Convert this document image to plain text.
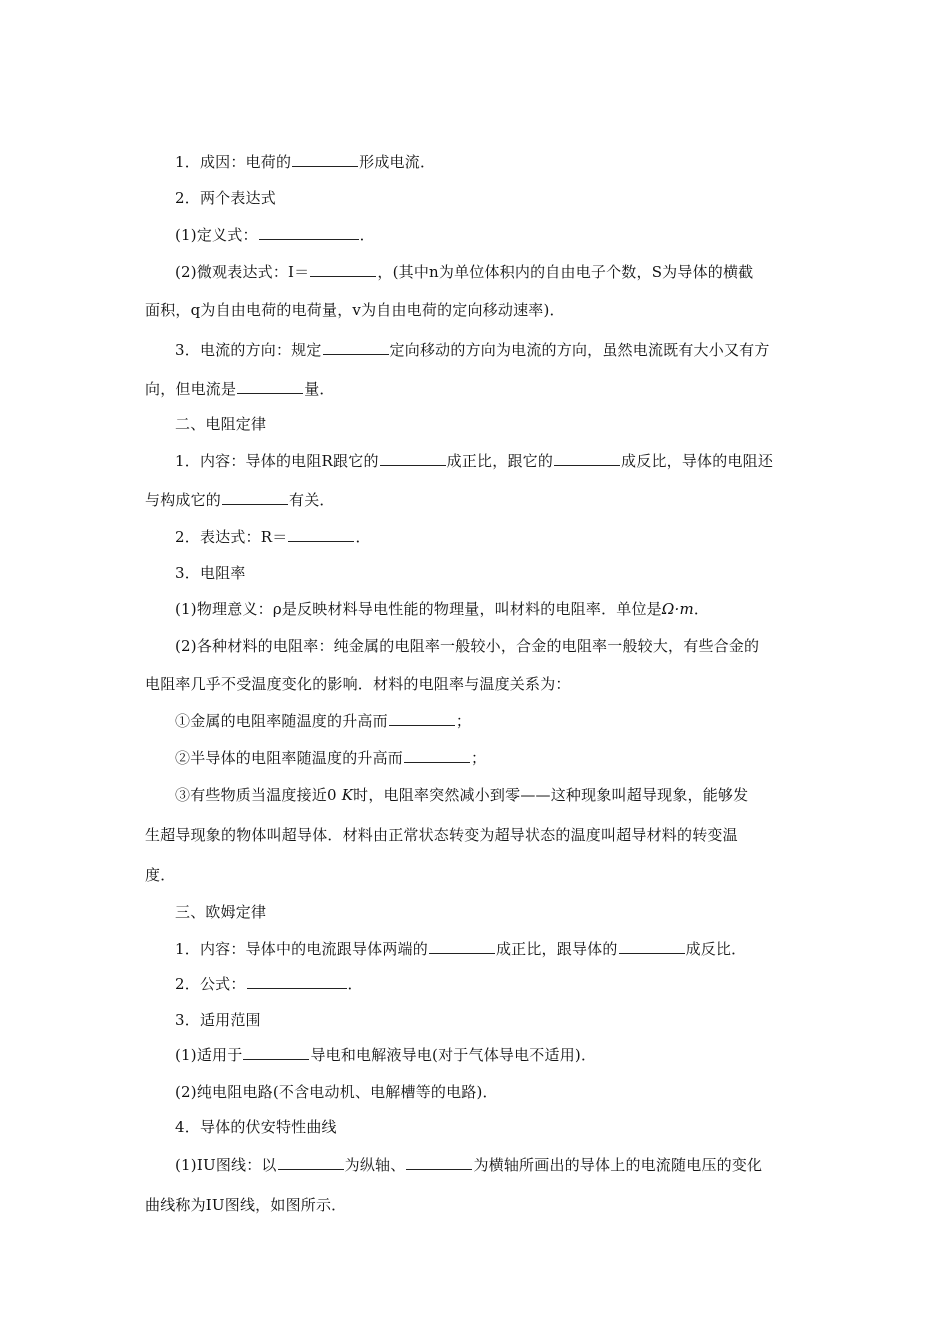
1．成因：电荷的	形成电流．
2．两个表达式
(1)定义式：	．
(2)微观表达式：I＝	，(其中n为单位体积内的自由电子个数，S为导体的横截
面积，q为自由电荷的电荷量，v为自由电荷的定向移动速率)．
3．电流的方向：规定	定向移动的方向为电流的方向，虽然电流既有大小又有方
向，但电流是	量．
二、电阻定律
1．内容：导体的电阻R跟它的	成正比，跟它的	成反比，导体的电阻还
与构成它的	有关．
2．表达式：R＝	．
3．电阻率
(1)物理意义：ρ是反映材料导电性能的物理量，叫材料的电阻率．单位是Ω·m．
(2)各种材料的电阻率：纯金属的电阻率一般较小，合金的电阻率一般较大，有些合金的
电阻率几乎不受温度变化的影响．材料的电阻率与温度关系为：
①金属的电阻率随温度的升高而	；
②半导体的电阻率随温度的升高而	；
③有些物质当温度接近0 K时，电阻率突然减小到零——这种现象叫超导现象，能够发
生超导现象的物体叫超导体．材料由正常状态转变为超导状态的温度叫超导材料的转变温
度．
三、欧姆定律
1．内容：导体中的电流跟导体两端的	成正比，跟导体的	成反比．
2．公式：	．
3．适用范围
(1)适用于	导电和电解液导电(对于气体导电不适用)．
(2)纯电阻电路(不含电动机、电解槽等的电路)．
4．导体的伏安特性曲线
(1)IU图线：以	为纵轴、	为横轴所画出的导体上的电流随电压的变化
曲线称为IU图线，如图所示．
